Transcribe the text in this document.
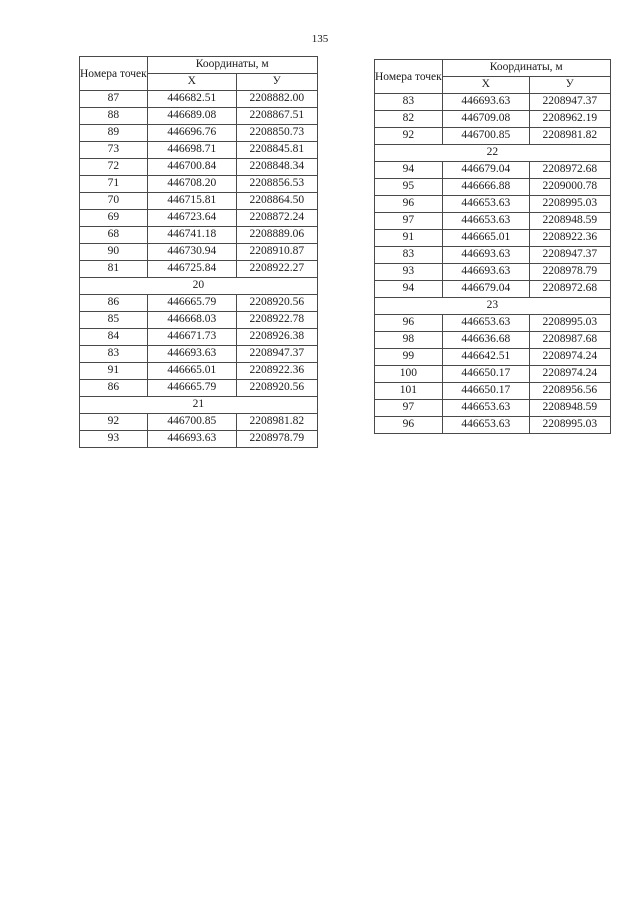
135
Номера точек	Координаты, м	
	X	У
87	446682.51	2208882.00
88	446689.08	2208867.51
89	446696.76	2208850.73
73	446698.71	2208845.81
72	446700.84	2208848.34
71	446708.20	2208856.53
70	446715.81	2208864.50
69	446723.64	2208872.24
68	446741.18	2208889.06
90	446730.94	2208910.87
81	446725.84	2208922.27
20		
86	446665.79	2208920.56
85	446668.03	2208922.78
84	446671.73	2208926.38
83	446693.63	2208947.37
91	446665.01	2208922.36
86	446665.79	2208920.56
21		
92	446700.85	2208981.82
93	446693.63	2208978.79
Номера точек	Координаты, м	
	X	У
83	446693.63	2208947.37
82	446709.08	2208962.19
92	446700.85	2208981.82
22		
94	446679.04	2208972.68
95	446666.88	2209000.78
96	446653.63	2208995.03
97	446653.63	2208948.59
91	446665.01	2208922.36
83	446693.63	2208947.37
93	446693.63	2208978.79
94	446679.04	2208972.68
23		
96	446653.63	2208995.03
98	446636.68	2208987.68
99	446642.51	2208974.24
100	446650.17	2208974.24
101	446650.17	2208956.56
97	446653.63	2208948.59
96	446653.63	2208995.03
